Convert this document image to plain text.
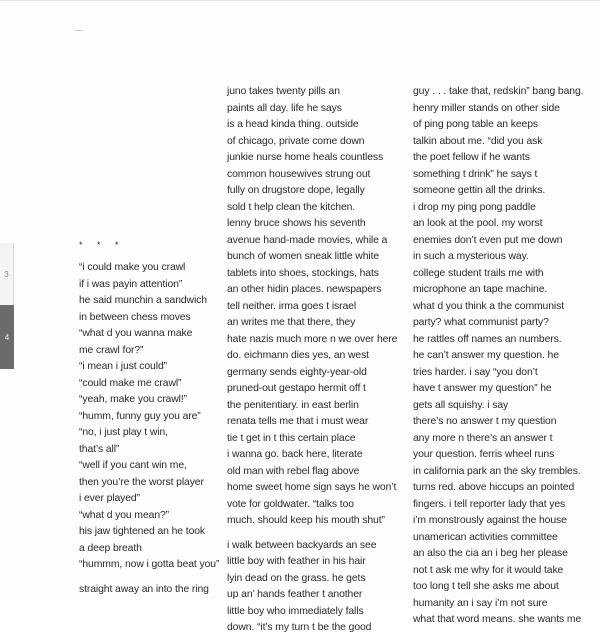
3
4
* * *
“i could make you crawl
if i was payin attention”
he said munchin a sandwich
in between chess moves
“what d you wanna make
me crawl for?”
“i mean i just could”
“could make me crawl”
“yeah, make you crawl!”
“humm, funny guy you are”
“no, i just play t win,
that’s all”
“well if you cant win me,
then you’re the worst player
i ever played”
“what d you mean?”
his jaw tightened an he took
a deep breath
“hummm, now i gotta beat you”
straight away an into the ring
juno takes twenty pills an
paints all day. life he says
is a head kinda thing. outside
of chicago, private come down
junkie nurse home heals countless
common housewives strung out
fully on drugstore dope, legally
sold t help clean the kitchen.
lenny bruce shows his seventh
avenue hand-made movies, while a
bunch of women sneak little white
tablets into shoes, stockings, hats
an other hidin places. newspapers
tell neither. irma goes t israel
an writes me that there, they
hate nazis much more n we over here
do. eichmann dies yes, an west
germany sends eighty-year-old
pruned-out gestapo hermit off t
the penitentiary. in east berlin
renata tells me that i must wear
tie t get in t this certain place
i wanna go. back here, literate
old man with rebel flag above
home sweet home sign says he won’t
vote for goldwater. “talks too
much. should keep his mouth shut”
i walk between backyards an see
little boy with feather in his hair
lyin dead on the grass. he gets
up an’ hands feather t another
little boy who immediately falls
down. “it’s my turn t be the good
guy . . . take that, redskin” bang bang.
henry miller stands on other side
of ping pong table an keeps
talkin about me. “did you ask
the poet fellow if he wants
something t drink” he says t
someone gettin all the drinks.
i drop my ping pong paddle
an look at the pool. my worst
enemies don’t even put me down
in such a mysterious way.
college student trails me with
microphone an tape machine.
what d you think a the communist
party? what communist party?
he rattles off names an numbers.
he can’t answer my question. he
tries harder. i say “you don’t
have t answer my question” he
gets all squishy. i say
there’s no answer t my question
any more n there’s an answer t
your question. ferris wheel runs
in california park an the sky trembles.
turns red. above hiccups an pointed
fingers. i tell reporter lady that yes
i’m monstrously against the house
unamerican activities committee
an also the cia an i beg her please
not t ask me why for it would take
too long t tell she asks me about
humanity an i say i’m not sure
what that word means. she wants me
